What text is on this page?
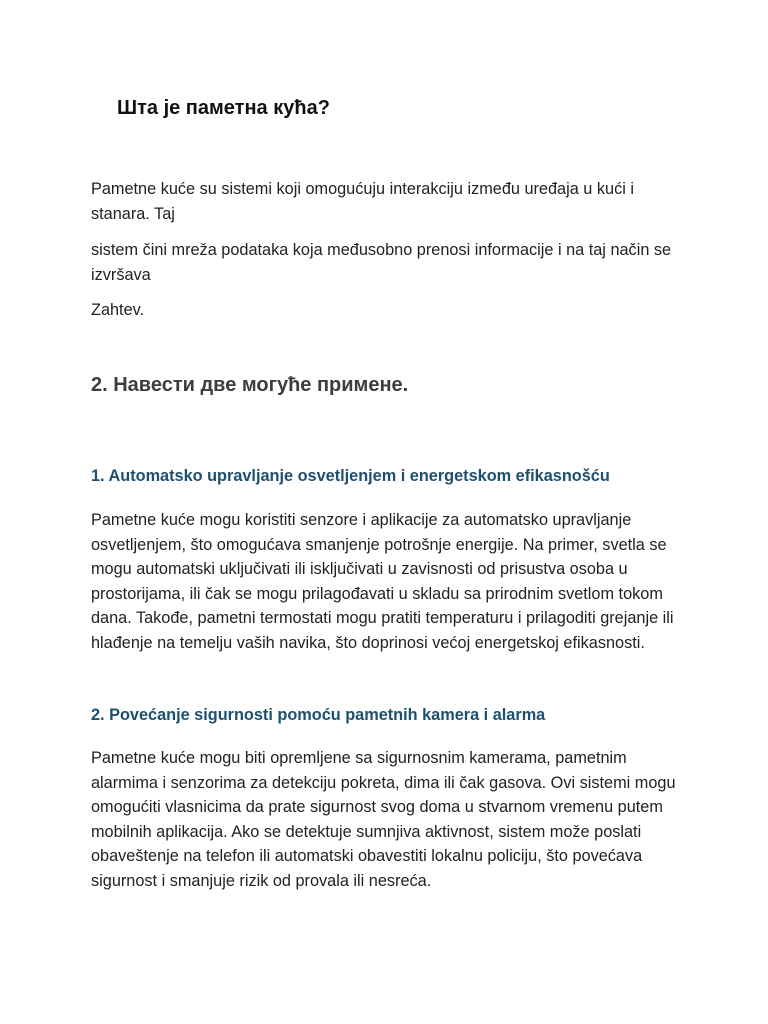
Шта је паметна кућа?

Pametne kuće su sistemi koji omogućuju interakciju između uređaja u kući i stanara. Taj

sistem čini mreža podataka koja međusobno prenosi informacije i na taj način se izvršava

Zahtev.

2. Навести две могуће примене.
1. Automatsko upravljanje osvetljenjem i energetskom efikasnošću

Pametne kuće mogu koristiti senzore i aplikacije za automatsko upravljanje osvetljenjem, što omogućava smanjenje potrošnje energije. Na primer, svetla se mogu automatski uključivati ili isključivati u zavisnosti od prisustva osoba u prostorijama, ili čak se mogu prilagođavati u skladu sa prirodnim svetlom tokom dana. Takođe, pametni termostati mogu pratiti temperaturu i prilagoditi grejanje ili hlađenje na temelju vaših navika, što doprinosi većoj energetskoj efikasnosti.

2. Povećanje sigurnosti pomoću pametnih kamera i alarma

Pametne kuće mogu biti opremljene sa sigurnosnim kamerama, pametnim alarmima i senzorima za detekciju pokreta, dima ili čak gasova. Ovi sistemi mogu omogućiti vlasnicima da prate sigurnost svog doma u stvarnom vremenu putem mobilnih aplikacija. Ako se detektuje sumnjiva aktivnost, sistem može poslati obaveštenje na telefon ili automatski obavestiti lokalnu policiju, što povećava sigurnost i smanjuje rizik od provala ili nesreća.
